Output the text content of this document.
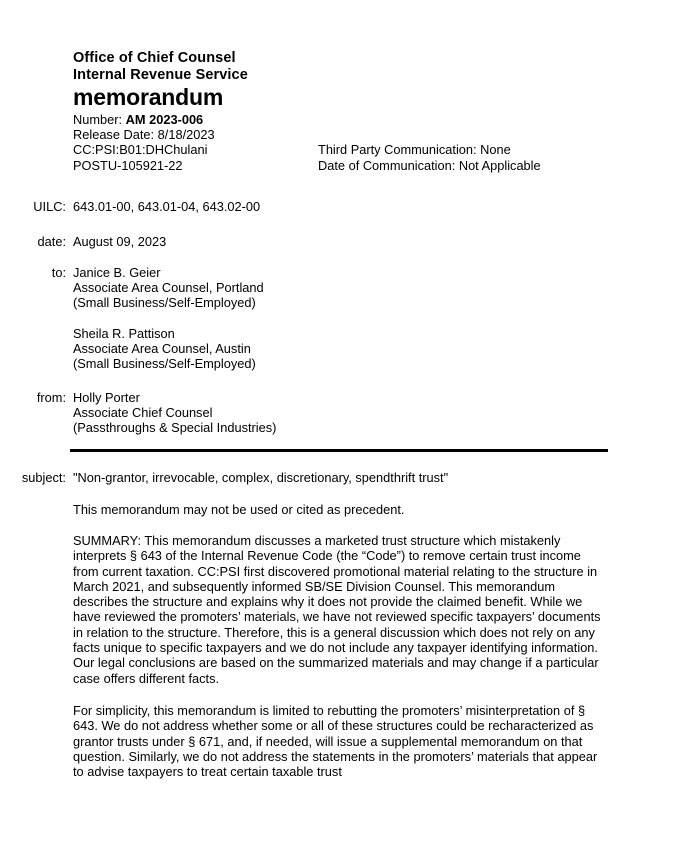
Office of Chief Counsel
Internal Revenue Service
memorandum
Number: AM 2023-006
Release Date: 8/18/2023
CC:PSI:B01:DHChulani	Third Party Communication: None
POSTU-105921-22	Date of Communication: Not Applicable
UILC: 643.01-00, 643.01-04, 643.02-00
date: August 09, 2023
to: Janice B. Geier
Associate Area Counsel, Portland
(Small Business/Self-Employed)
Sheila R. Pattison
Associate Area Counsel, Austin
(Small Business/Self-Employed)
from: Holly Porter
Associate Chief Counsel
(Passthroughs & Special Industries)
subject: "Non-grantor, irrevocable, complex, discretionary, spendthrift trust"
This memorandum may not be used or cited as precedent.
SUMMARY: This memorandum discusses a marketed trust structure which mistakenly interprets § 643 of the Internal Revenue Code (the “Code”) to remove certain trust income from current taxation. CC:PSI first discovered promotional material relating to the structure in March 2021, and subsequently informed SB/SE Division Counsel. This memorandum describes the structure and explains why it does not provide the claimed benefit. While we have reviewed the promoters’ materials, we have not reviewed specific taxpayers’ documents in relation to the structure. Therefore, this is a general discussion which does not rely on any facts unique to specific taxpayers and we do not include any taxpayer identifying information. Our legal conclusions are based on the summarized materials and may change if a particular case offers different facts.
For simplicity, this memorandum is limited to rebutting the promoters’ misinterpretation of § 643. We do not address whether some or all of these structures could be recharacterized as grantor trusts under § 671, and, if needed, will issue a supplemental memorandum on that question. Similarly, we do not address the statements in the promoters’ materials that appear to advise taxpayers to treat certain taxable trust
